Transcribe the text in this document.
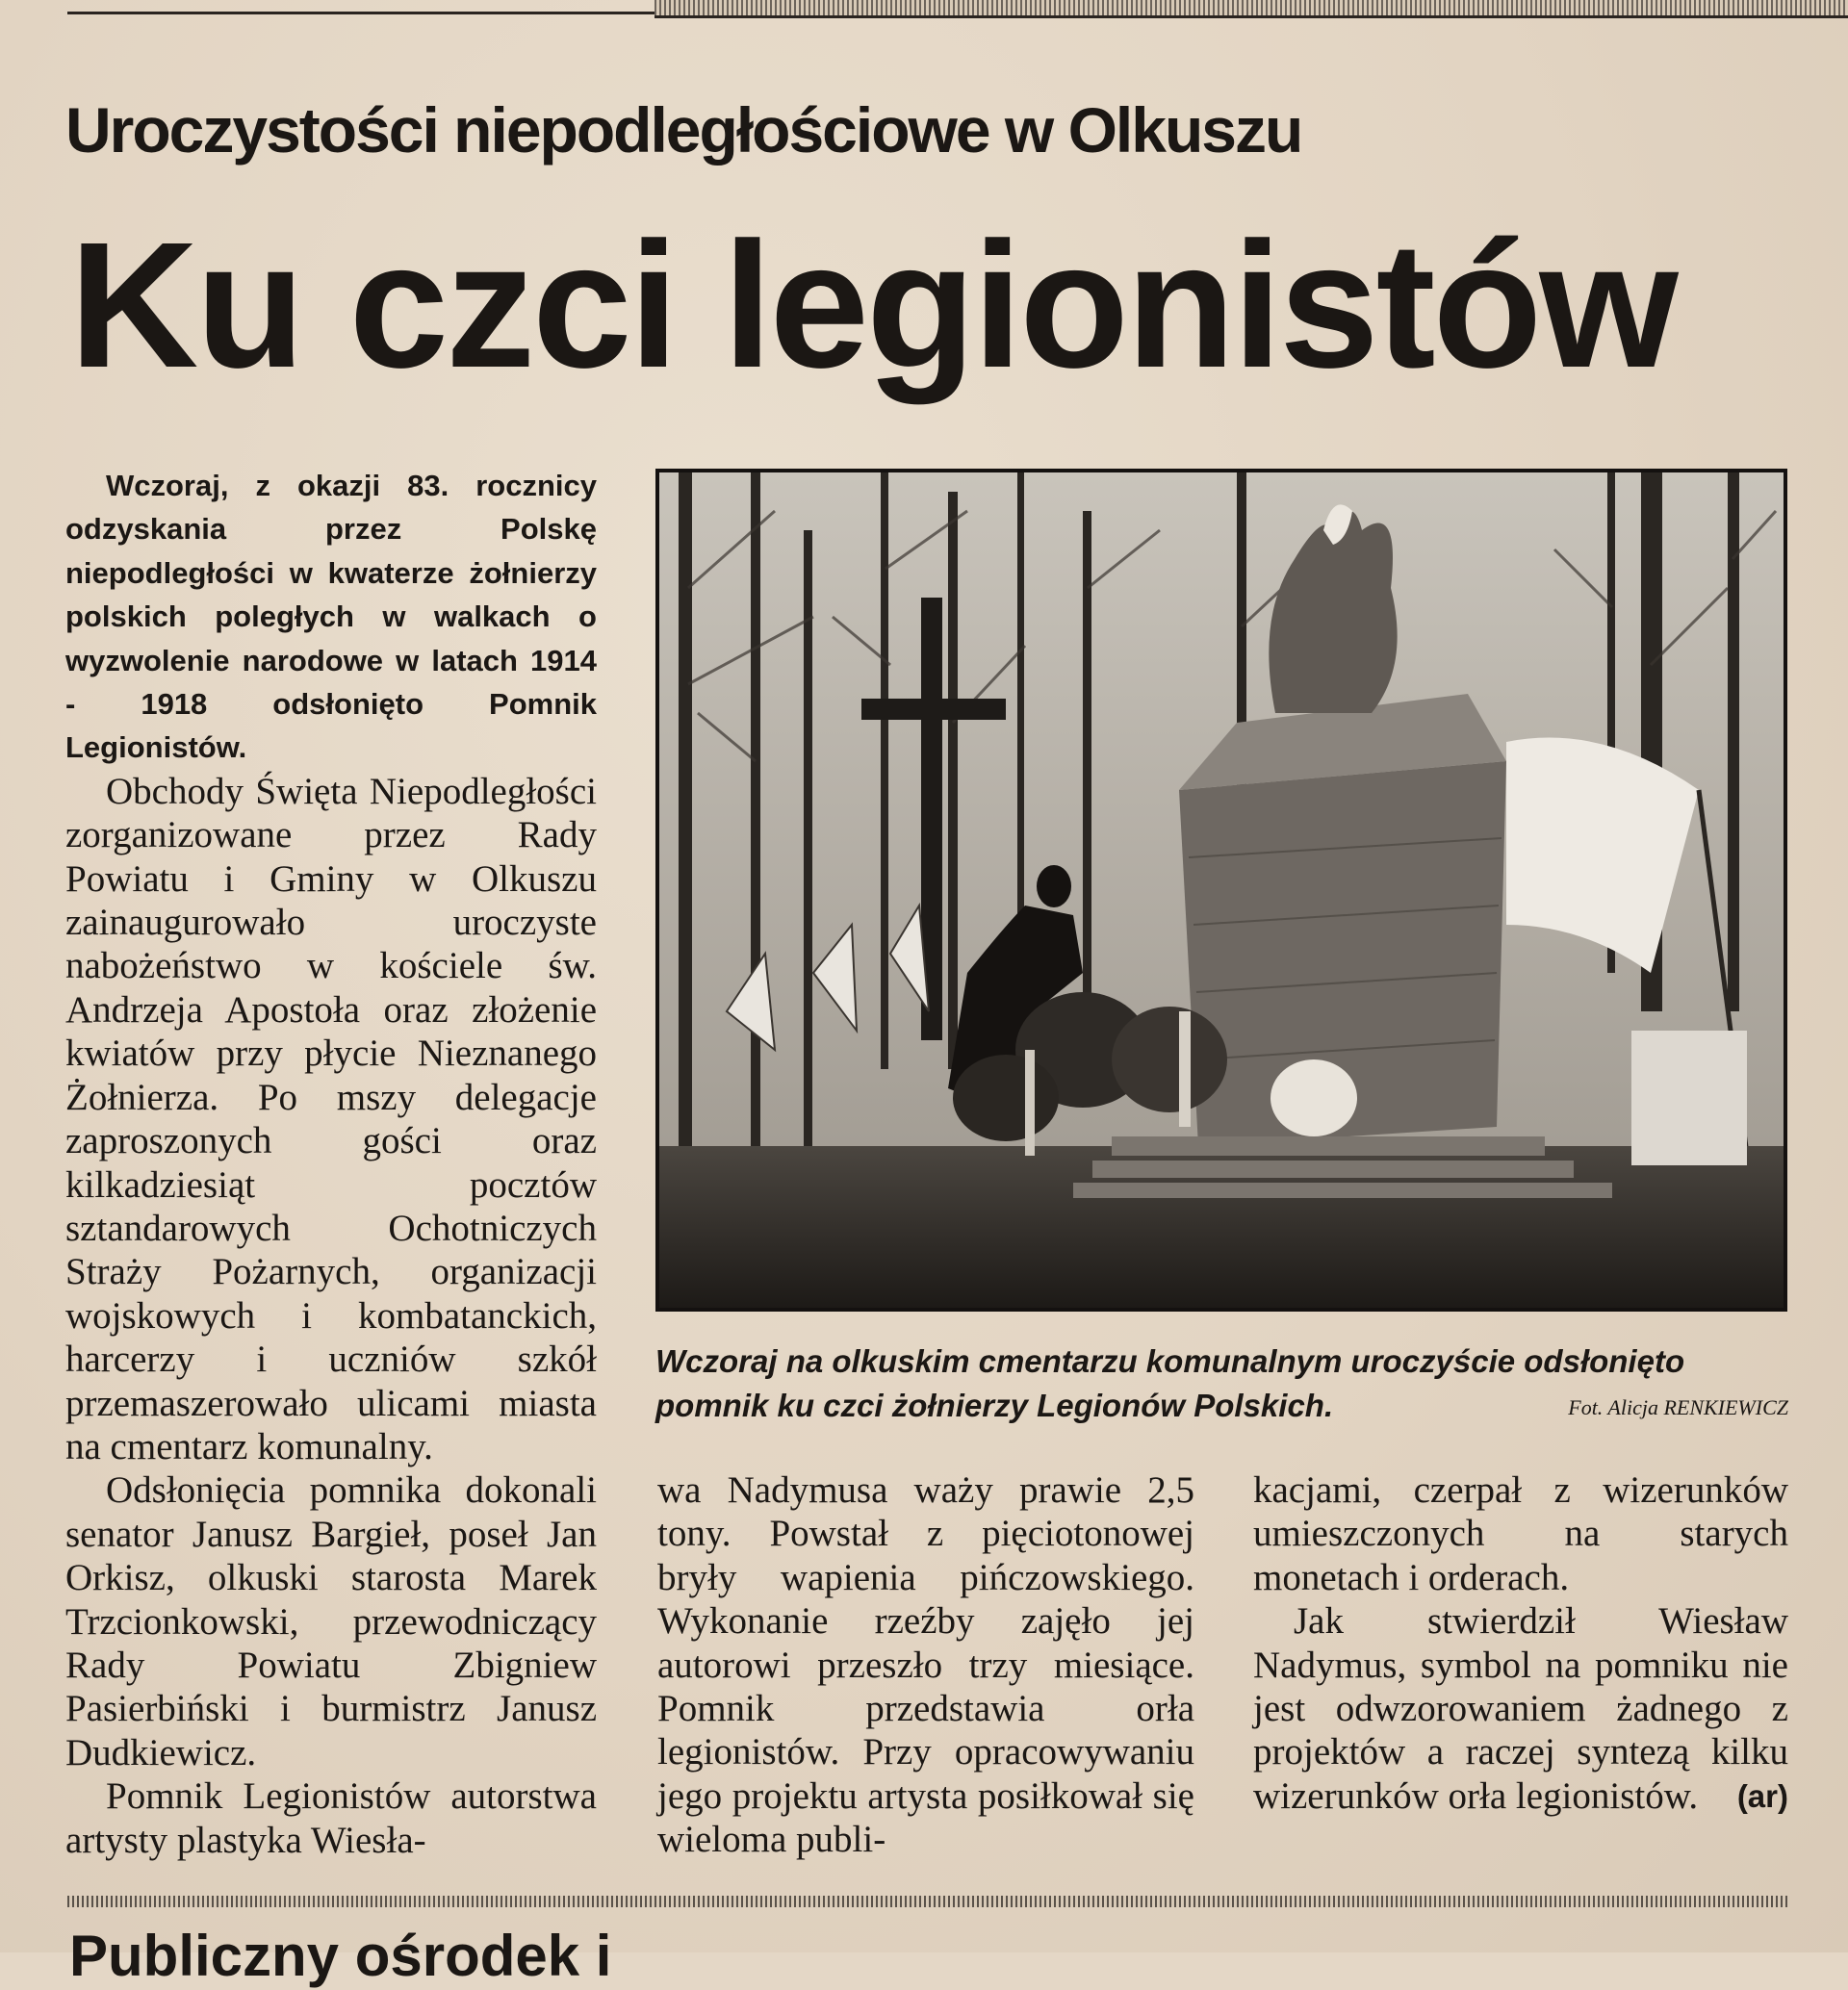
Uroczystości niepodległościowe w Olkuszu
Ku czci legionistów

Wczoraj, z okazji 83. rocznicy odzyskania przez Polskę niepodległości w kwaterze żołnierzy polskich poległych w walkach o wyzwolenie narodowe w latach 1914 - 1918 odsłonięto Pomnik Legionistów.

Obchody Święta Niepodległości zorganizowane przez Rady Powiatu i Gminy w Olkuszu zainaugurowało uroczyste nabożeństwo w kościele św. Andrzeja Apostoła oraz złożenie kwiatów przy płycie Nieznanego Żołnierza. Po mszy delegacje zaproszonych gości oraz kilkadziesiąt pocztów sztandarowych Ochotniczych Straży Pożarnych, organizacji wojskowych i kombatanckich, harcerzy i uczniów szkół przemaszerowało ulicami miasta na cmentarz komunalny.

Odsłonięcia pomnika dokonali senator Janusz Bargieł, poseł Jan Orkisz, olkuski starosta Marek Trzcionkowski, przewodniczący Rady Powiatu Zbigniew Pasierbiński i burmistrz Janusz Dudkiewicz.

Pomnik Legionistów autorstwa artysty plastyka Wiesła-

Wczoraj na olkuskim cmentarzu komunalnym uroczyście odsłonięto
pomnik ku czci żołnierzy Legionów Polskich.	Fot. Alicja RENKIEWICZ

wa Nadymusa waży prawie 2,5 tony. Powstał z pięciotonowej bryły wapienia pińczowskiego. Wykonanie rzeźby zajęło jej autorowi przeszło trzy miesiące. Pomnik przedstawia orła legionistów. Przy opracowywaniu jego projektu artysta posiłkował się wieloma publi-

kacjami, czerpał z wizerunków umieszczonych na starych monetach i orderach.

Jak stwierdził Wiesław Nadymus, symbol na pomniku nie jest odwzorowaniem żadnego z projektów a raczej syntezą kilku wizerunków orła legionistów.	(ar)
Publiczny ośrodek i
